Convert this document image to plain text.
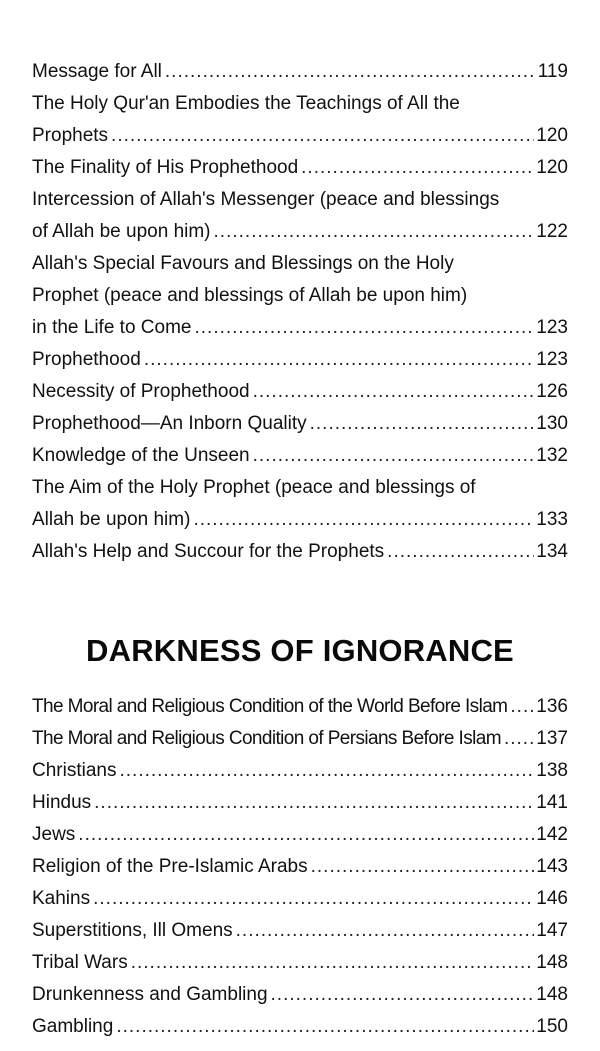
Message for All .....	119
The Holy Qur'an Embodies the Teachings of All the
Prophets .....	120
The Finality of His Prophethood .....	120
Intercession of Allah's Messenger (peace and blessings
of Allah be upon him) .....	122
Allah's Special Favours and Blessings on the Holy
Prophet (peace and blessings of Allah be upon him)
in the Life to Come .....	123
Prophethood .....	123
Necessity of Prophethood .....	126
Prophethood—An Inborn Quality .....	130
Knowledge of the Unseen .....	132
The Aim of the Holy Prophet (peace and blessings of
Allah be upon him) .....	133
Allah's Help and Succour for the Prophets .....	134
DARKNESS OF IGNORANCE
The Moral and Religious Condition of the World Before Islam ..... 136
The Moral and Religious Condition of Persians Before Islam ..... 137
Christians .....	138
Hindus .....	141
Jews .....	142
Religion of the Pre-Islamic Arabs .....	143
Kahins .....	146
Superstitions, Ill Omens .....	147
Tribal Wars .....	148
Drunkenness and Gambling .....	148
Gambling .....	150
